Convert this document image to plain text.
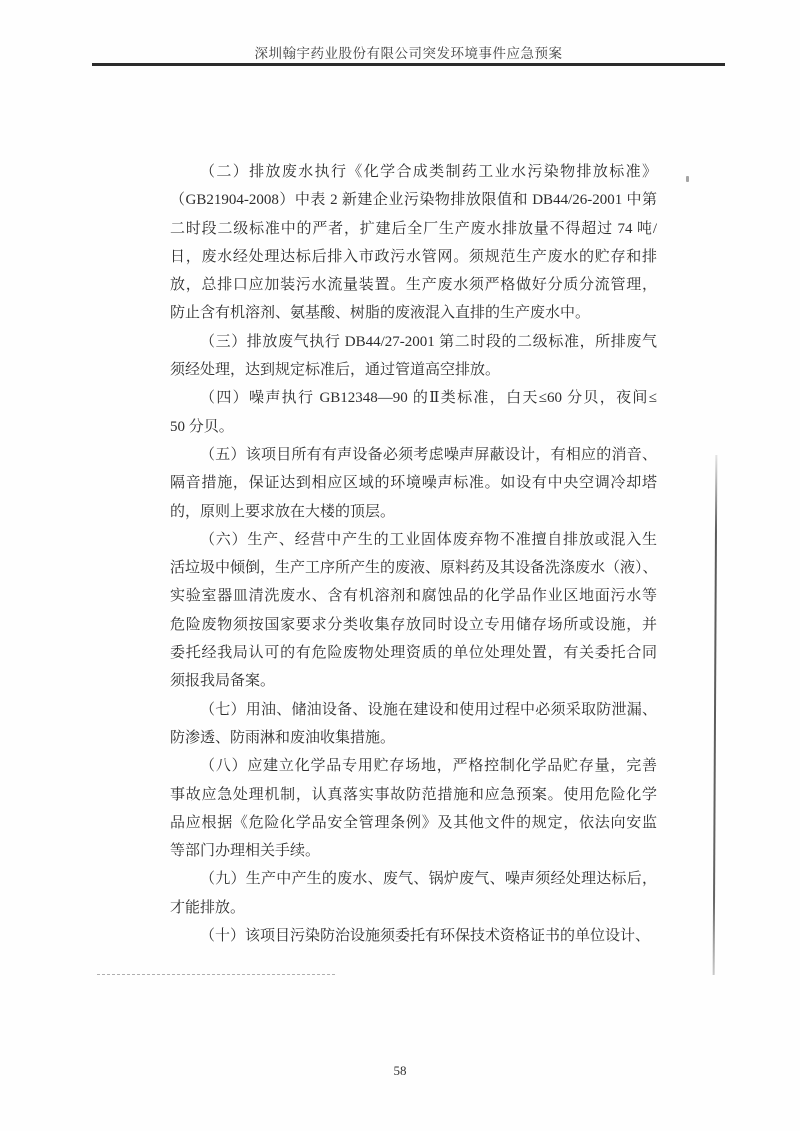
深圳翰宇药业股份有限公司突发环境事件应急预案
（二）排放废水执行《化学合成类制药工业水污染物排放标准》
（GB21904-2008）中表 2 新建企业污染物排放限值和 DB44/26-2001 中第
二时段二级标准中的严者，扩建后全厂生产废水排放量不得超过 74 吨/
日，废水经处理达标后排入市政污水管网。须规范生产废水的贮存和排
放，总排口应加装污水流量装置。生产废水须严格做好分质分流管理，
防止含有机溶剂、氨基酸、树脂的废液混入直排的生产废水中。
（三）排放废气执行 DB44/27-2001 第二时段的二级标准，所排废气
须经处理，达到规定标准后，通过管道高空排放。
（四）噪声执行 GB12348—90 的Ⅱ类标准，白天≤60 分贝，夜间≤
50 分贝。
（五）该项目所有有声设备必须考虑噪声屏蔽设计，有相应的消音、
隔音措施，保证达到相应区域的环境噪声标准。如设有中央空调冷却塔
的，原则上要求放在大楼的顶层。
（六）生产、经营中产生的工业固体废弃物不准擅自排放或混入生
活垃圾中倾倒，生产工序所产生的废液、原料药及其设备洗涤废水（液）、
实验室器皿清洗废水、含有机溶剂和腐蚀品的化学品作业区地面污水等
危险废物须按国家要求分类收集存放同时设立专用储存场所或设施，并
委托经我局认可的有危险废物处理资质的单位处理处置，有关委托合同
须报我局备案。
（七）用油、储油设备、设施在建设和使用过程中必须采取防泄漏、
防渗透、防雨淋和废油收集措施。
（八）应建立化学品专用贮存场地，严格控制化学品贮存量，完善
事故应急处理机制，认真落实事故防范措施和应急预案。使用危险化学
品应根据《危险化学品安全管理条例》及其他文件的规定，依法向安监
等部门办理相关手续。
（九）生产中产生的废水、废气、锅炉废气、噪声须经处理达标后，
才能排放。
（十）该项目污染防治设施须委托有环保技术资格证书的单位设计、
58
